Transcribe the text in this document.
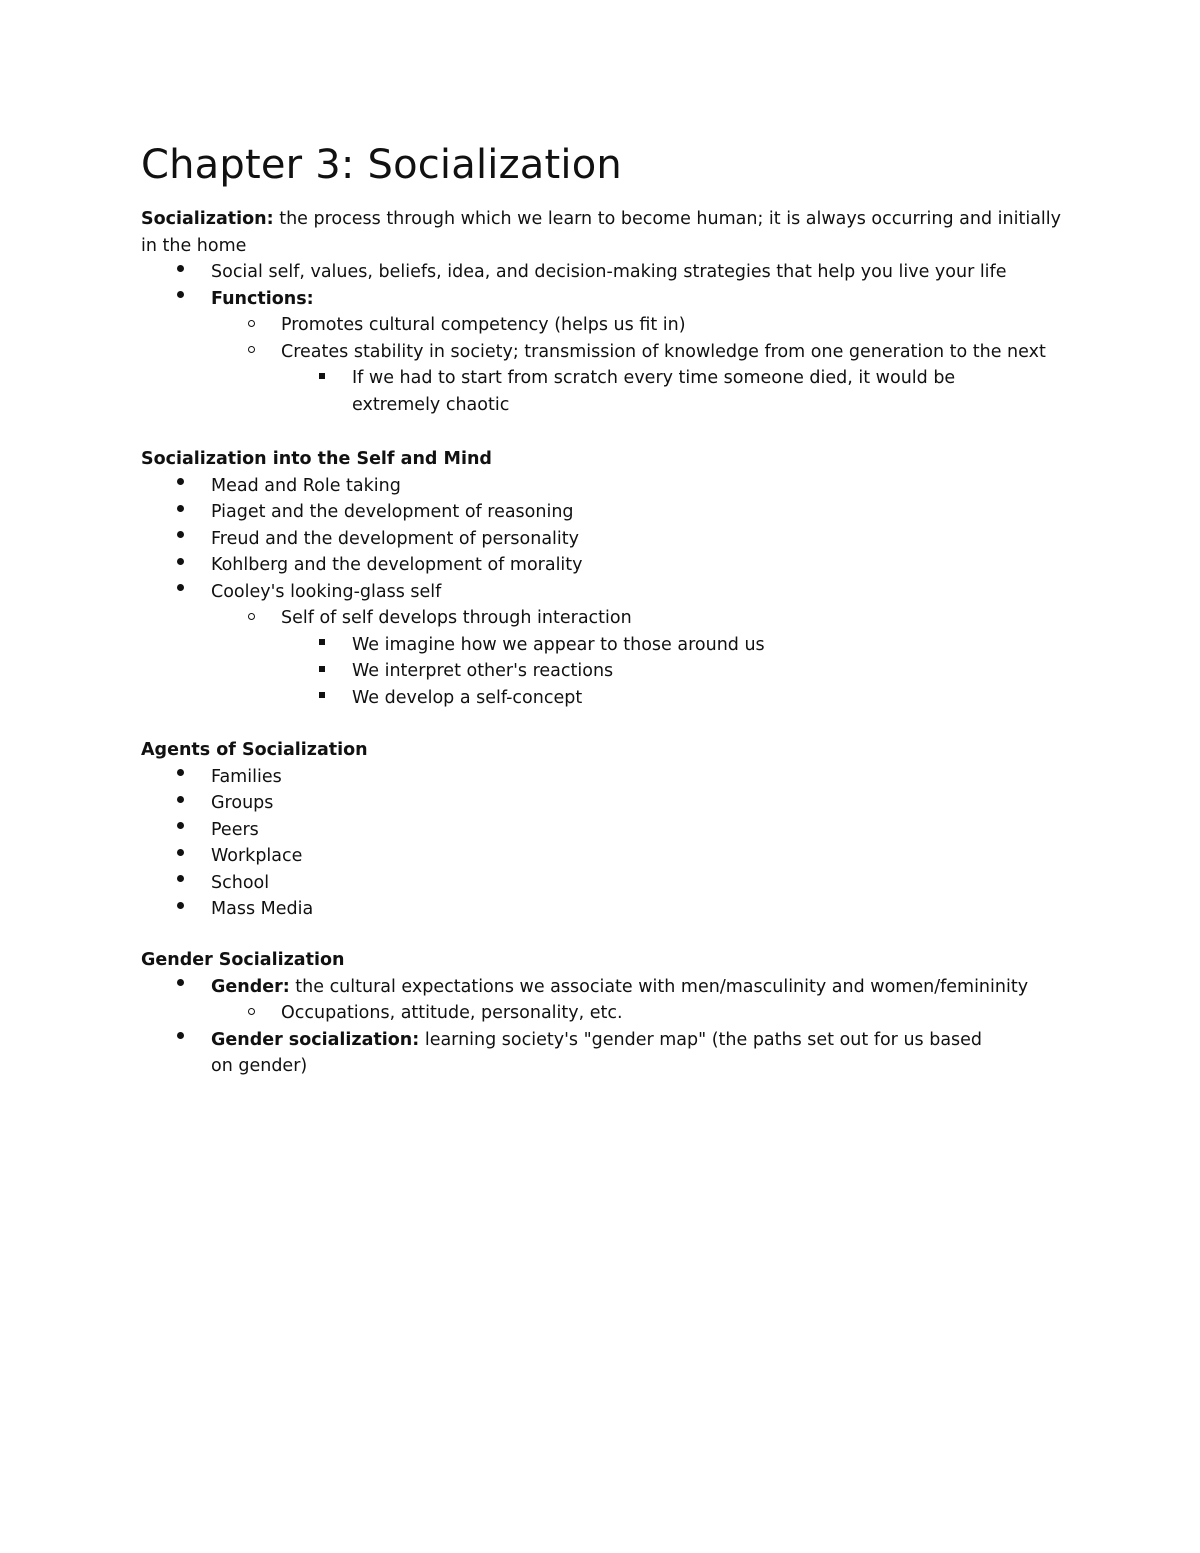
Chapter 3: Socialization

Socialization: the process through which we learn to become human; it is always occurring and initially in the home

Social self, values, beliefs, idea, and decision-making strategies that help you live your life
Functions:
Promotes cultural competency (helps us fit in)
Creates stability in society; transmission of knowledge from one generation to the next
If we had to start from scratch every time someone died, it would be extremely chaotic

Socialization into the Self and Mind

Mead and Role taking
Piaget and the development of reasoning
Freud and the development of personality
Kohlberg and the development of morality
Cooley's looking-glass self
Self of self develops through interaction
We imagine how we appear to those around us
We interpret other's reactions
We develop a self-concept

Agents of Socialization

Families
Groups
Peers
Workplace
School
Mass Media

Gender Socialization

Gender: the cultural expectations we associate with men/masculinity and women/femininity
Occupations, attitude, personality, etc.
Gender socialization: learning society's "gender map" (the paths set out for us based on gender)
